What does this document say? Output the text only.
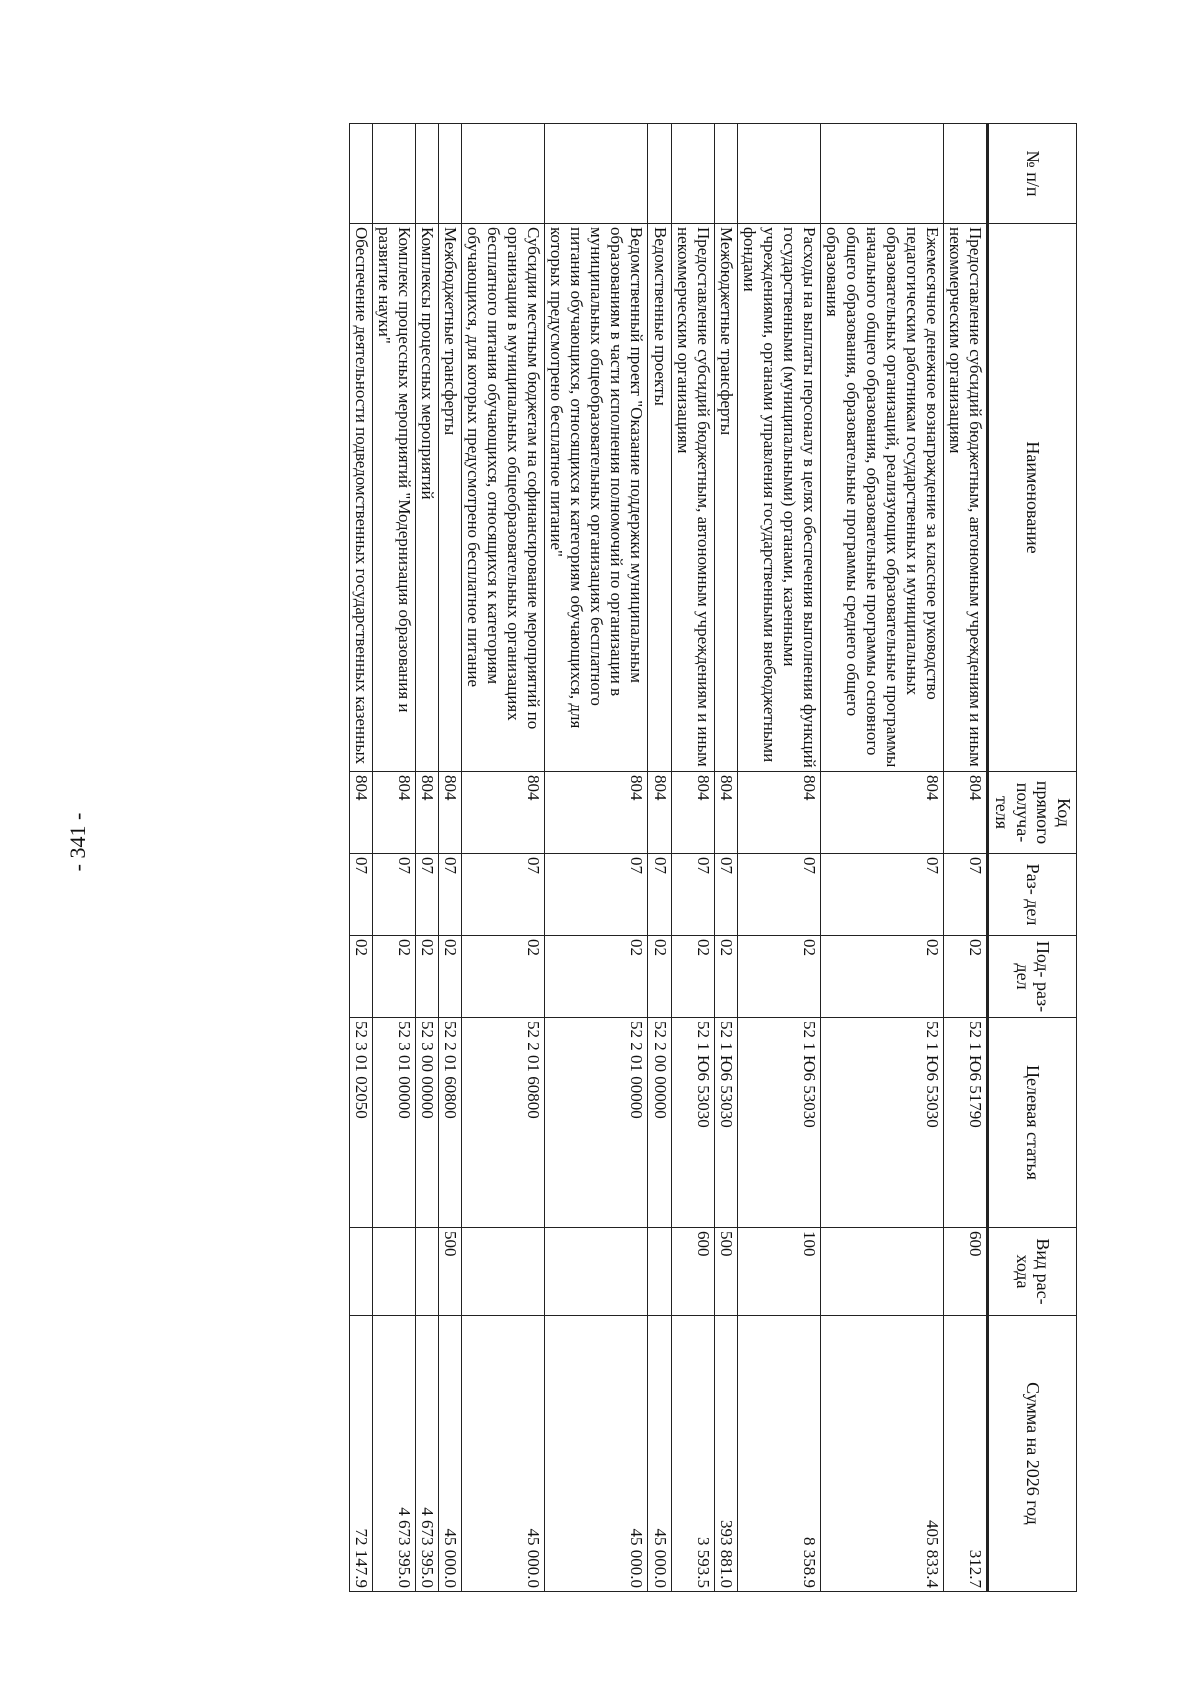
- 341 -
№ п/п	Наименование	Код прямого получа- теля	Раз- дел	Под- раз- дел	Целевая статья	Вид рас- хода	Сумма на 2026 год
	Предоставление субсидий бюджетным, автономным учреждениям и иным некоммерческим организациям	804	07	02	52 1 Ю6 51790	600	312.7
	Ежемесячное денежное вознаграждение за классное руководство педагогическим работникам государственных и муниципальных образовательных организаций, реализующих образовательные программы начального общего образования, образовательные программы основного общего образования, образовательные программы среднего общего образования	804	07	02	52 1 Ю6 53030		405 833.4
	Расходы на выплаты персоналу в целях обеспечения выполнения функций государственными (муниципальными) органами, казенными учреждениями, органами управления государственными внебюджетными фондами	804	07	02	52 1 Ю6 53030	100	8 358.9
	Межбюджетные трансферты	804	07	02	52 1 Ю6 53030	500	393 881.0
	Предоставление субсидий бюджетным, автономным учреждениям и иным некоммерческим организациям	804	07	02	52 1 Ю6 53030	600	3 593.5
	Ведомственные проекты	804	07	02	52 2 00 00000		45 000.0
	Ведомственный проект "Оказание поддержки муниципальным образованиям в части исполнения полномочий по организации в муниципальных общеобразовательных организациях бесплатного питания обучающихся, относящихся к категориям обучающихся, для которых предусмотрено бесплатное питание"	804	07	02	52 2 01 00000		45 000.0
	Субсидии местным бюджетам на софинансирование мероприятий по организации в муниципальных общеобразовательных организациях бесплатного питания обучающихся, относящихся к категориям обучающихся, для которых предусмотрено бесплатное питание	804	07	02	52 2 01 60800		45 000.0
	Межбюджетные трансферты	804	07	02	52 2 01 60800	500	45 000.0
	Комплексы процессных мероприятий	804	07	02	52 3 00 00000		4 673 395.0
	Комплекс процессных мероприятий "Модернизация образования и развитие науки"	804	07	02	52 3 01 00000		4 673 395.0
	Обеспечение деятельности подведомственных государственных казенных	804	07	02	52 3 01 02050		72 147.9
